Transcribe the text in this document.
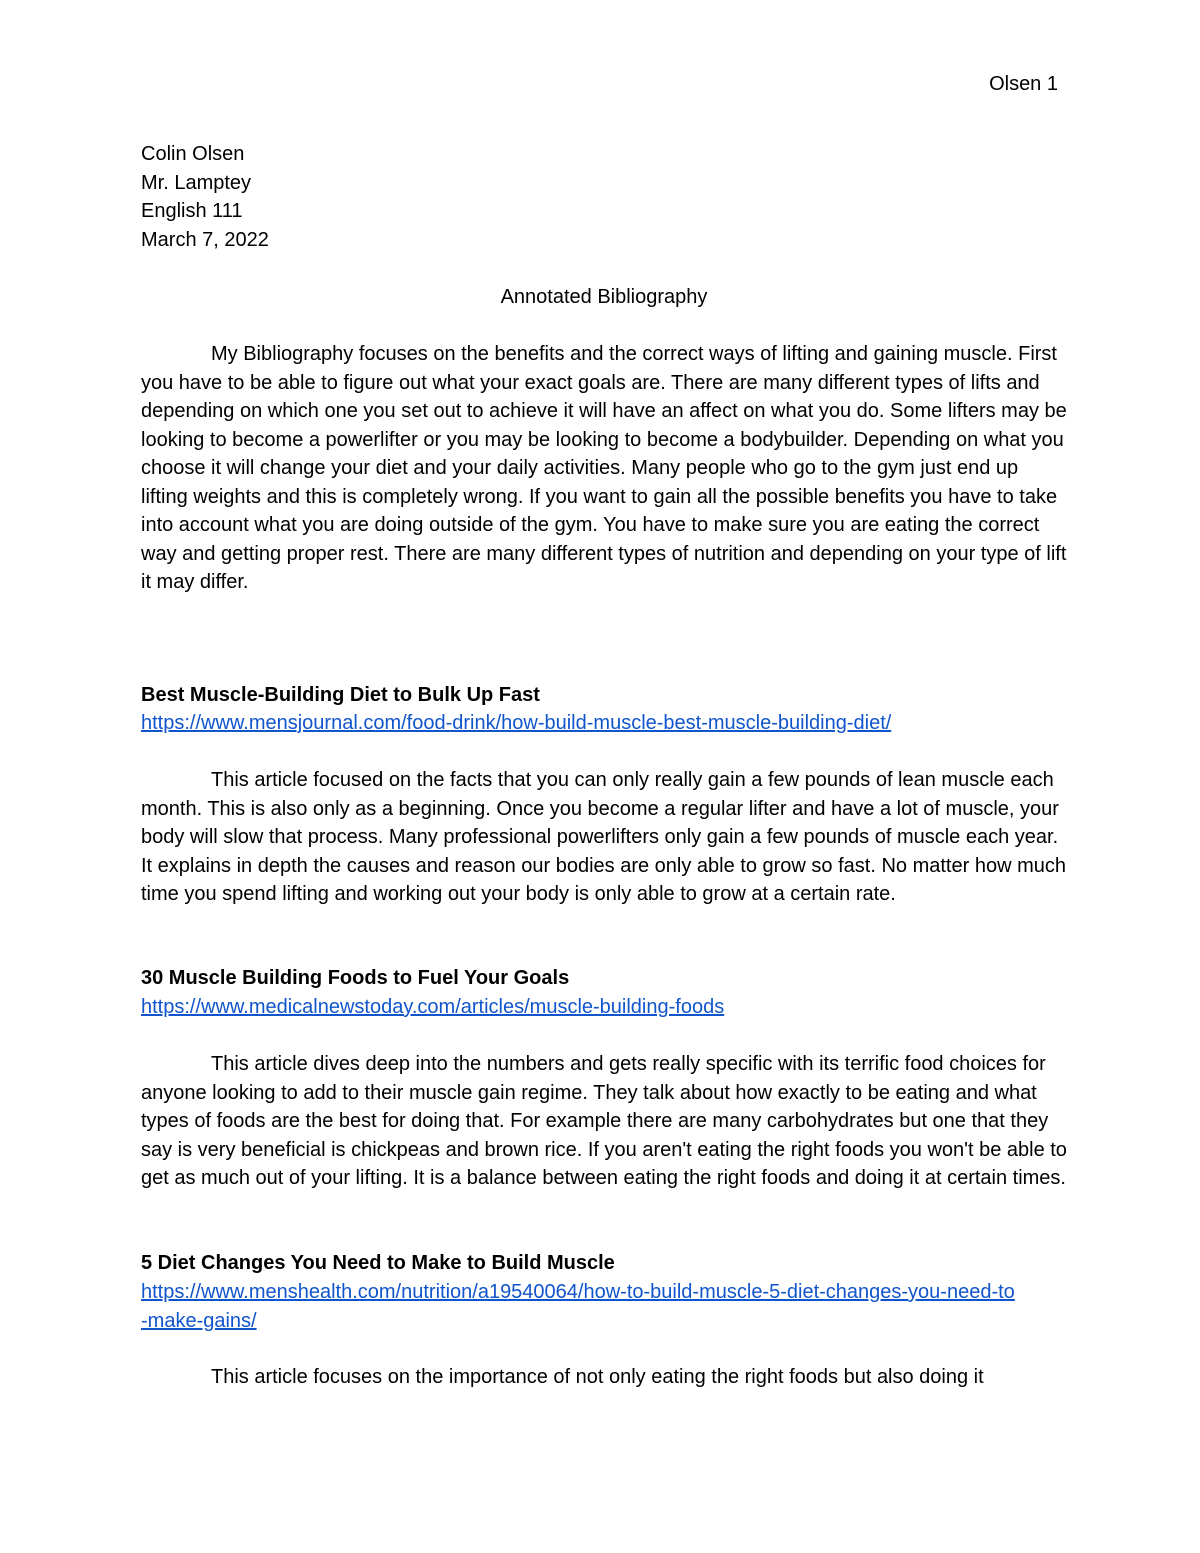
Olsen 1
Colin Olsen
Mr. Lamptey
English 111
March 7, 2022
Annotated Bibliography

My Bibliography focuses on the benefits and the correct ways of lifting and gaining muscle. First you have to be able to figure out what your exact goals are. There are many different types of lifts and depending on which one you set out to achieve it will have an affect on what you do. Some lifters may be looking to become a powerlifter or you may be looking to become a bodybuilder. Depending on what you choose it will change your diet and your daily activities. Many people who go to the gym just end up lifting weights and this is completely wrong. If you want to gain all the possible benefits you have to take into account what you are doing outside of the gym. You have to make sure you are eating the correct way and getting proper rest. There are many different types of nutrition and depending on your type of lift it may differ.

Best Muscle-Building Diet to Bulk Up Fast

https://www.mensjournal.com/food-drink/how-build-muscle-best-muscle-building-diet/

This article focused on the facts that you can only really gain a few pounds of lean muscle each month. This is also only as a beginning. Once you become a regular lifter and have a lot of muscle, your body will slow that process. Many professional powerlifters only gain a few pounds of muscle each year. It explains in depth the causes and reason our bodies are only able to grow so fast. No matter how much time you spend lifting and working out your body is only able to grow at a certain rate.

30 Muscle Building Foods to Fuel Your Goals

https://www.medicalnewstoday.com/articles/muscle-building-foods

This article dives deep into the numbers and gets really specific with its terrific food choices for anyone looking to add to their muscle gain regime. They talk about how exactly to be eating and what types of foods are the best for doing that. For example there are many carbohydrates but one that they say is very beneficial is chickpeas and brown rice. If you aren't eating the right foods you won't be able to get as much out of your lifting. It is a balance between eating the right foods and doing it at certain times.

5 Diet Changes You Need to Make to Build Muscle

https://www.menshealth.com/nutrition/a19540064/how-to-build-muscle-5-diet-changes-you-need-to-make-gains/

This article focuses on the importance of not only eating the right foods but also doing it
